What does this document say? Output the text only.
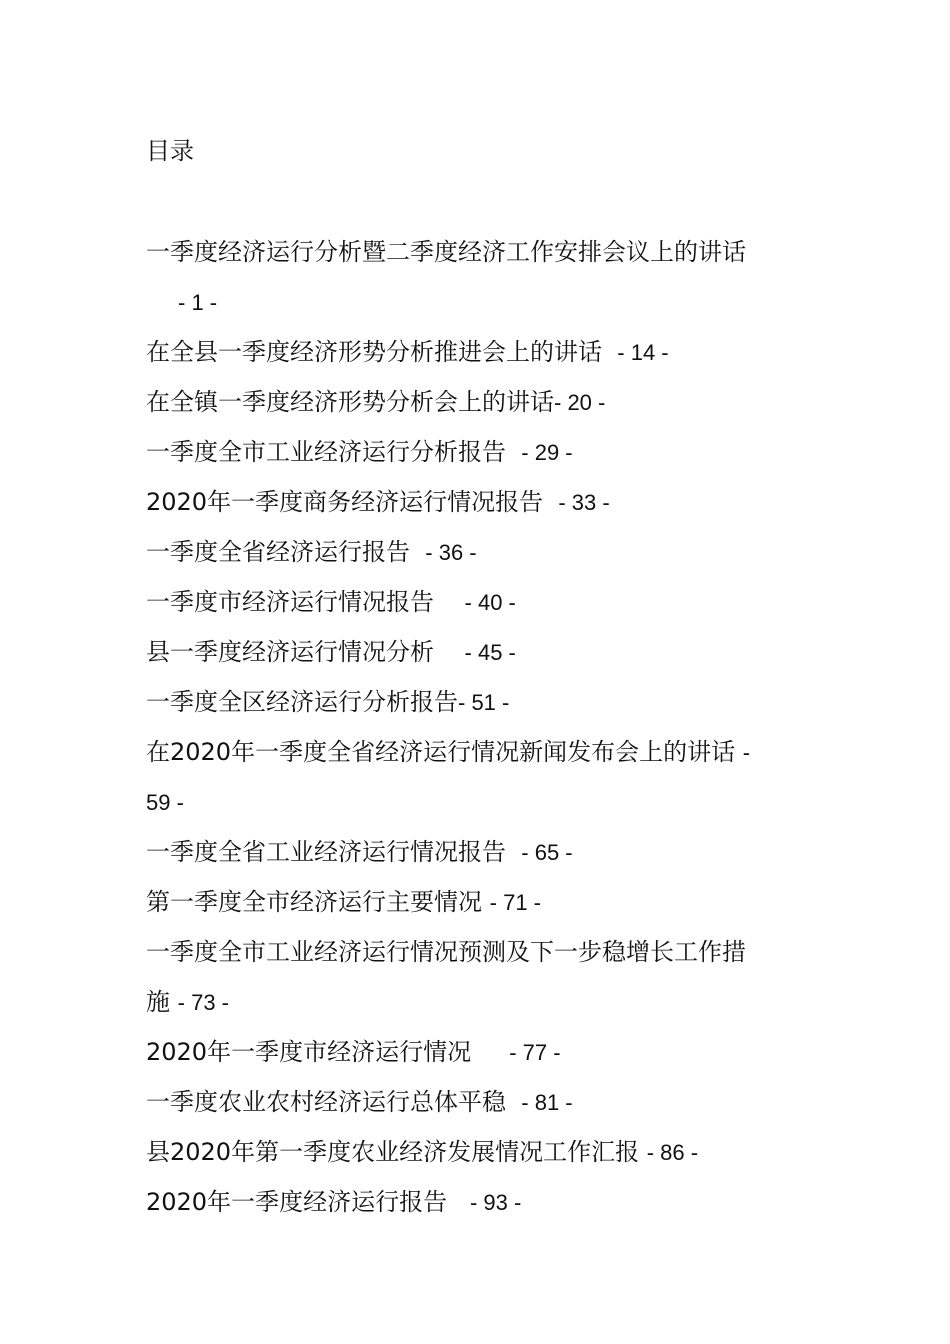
目录
一季度经济运行分析暨二季度经济工作安排会议上的讲话
- 1 -
在全县一季度经济形势分析推进会上的讲话  - 14 -
在全镇一季度经济形势分析会上的讲话- 20 -
一季度全市工业经济运行分析报告  - 29 -
2020年一季度商务经济运行情况报告  - 33 -
一季度全省经济运行报告  - 36 -
一季度市经济运行情况报告    - 40 -
县一季度经济运行情况分析    - 45 -
一季度全区经济运行分析报告- 51 -
在2020年一季度全省经济运行情况新闻发布会上的讲话 -
59 -
一季度全省工业经济运行情况报告  - 65 -
第一季度全市经济运行主要情况 - 71 -
一季度全市工业经济运行情况预测及下一步稳增长工作措
施 - 73 -
2020年一季度市经济运行情况     - 77 -
一季度农业农村经济运行总体平稳  - 81 -
县2020年第一季度农业经济发展情况工作汇报 - 86 -
2020年一季度经济运行报告   - 93 -
